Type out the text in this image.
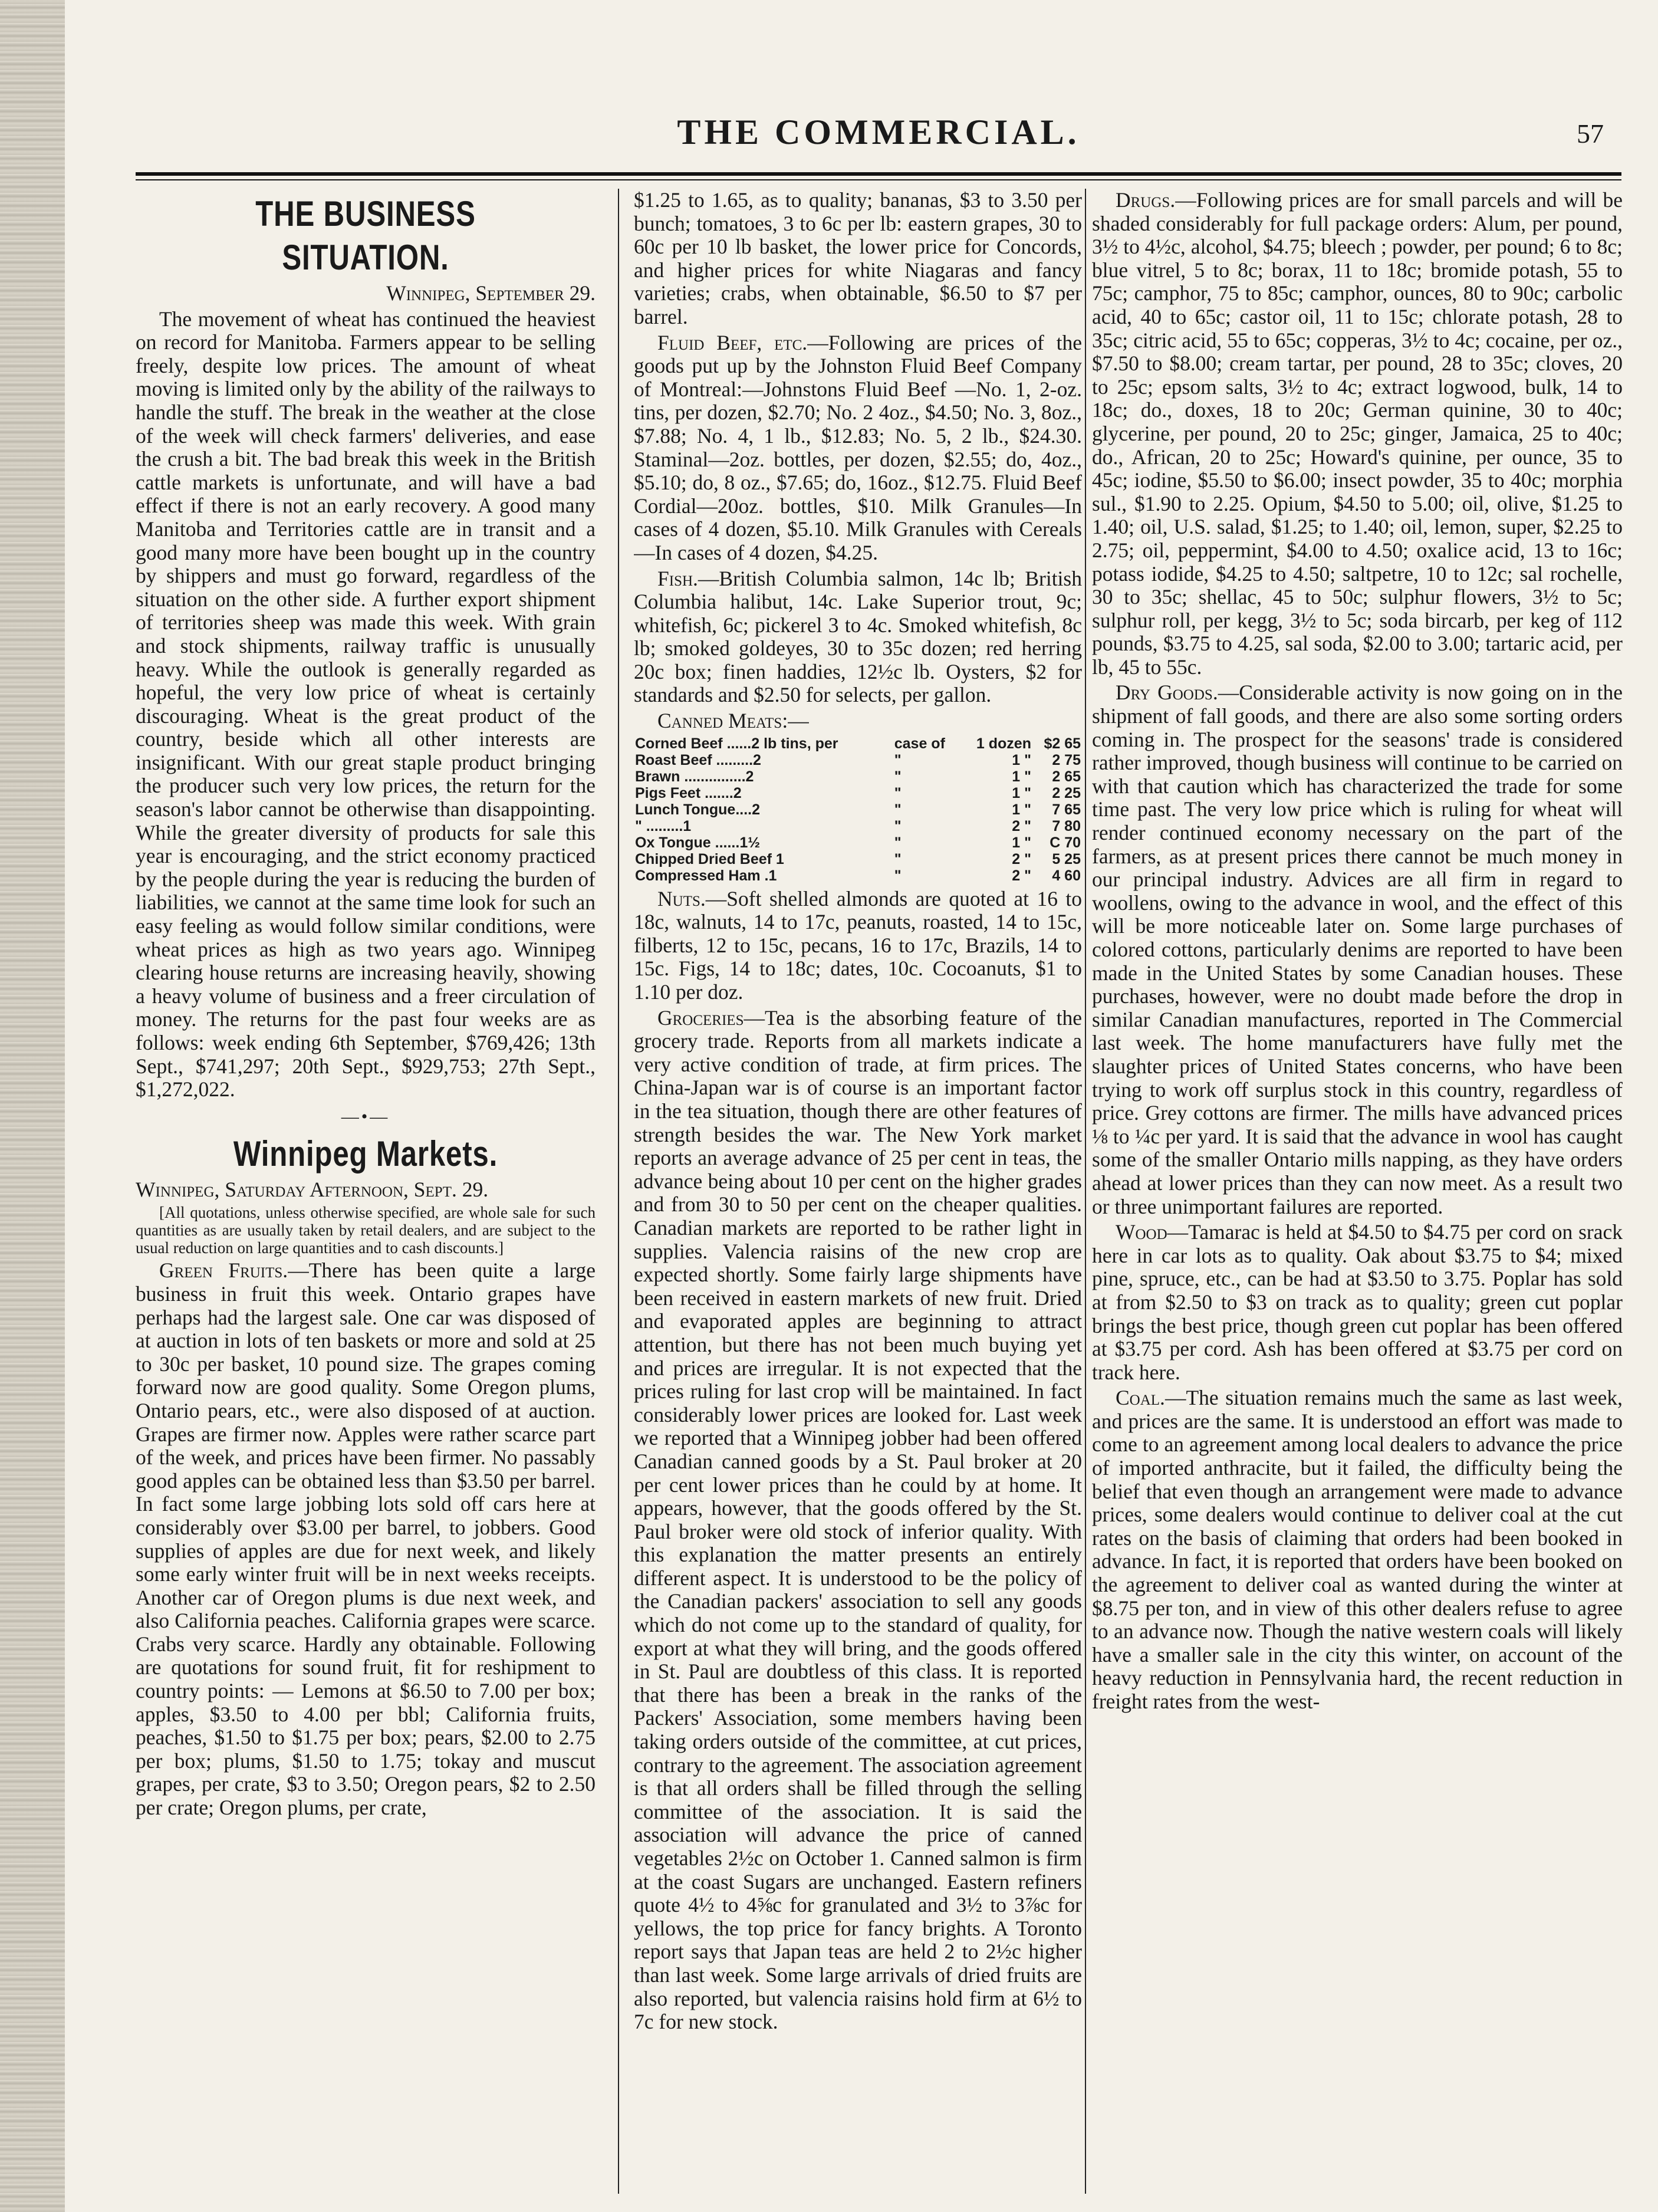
THE COMMERCIAL.	57
THE BUSINESS SITUATION.

Winnipeg, September 29.

The movement of wheat has continued the heaviest on record for Manitoba. Farmers appear to be selling freely, despite low prices. The amount of wheat moving is limited only by the ability of the railways to handle the stuff. The break in the weather at the close of the week will check farmers' deliveries, and ease the crush a bit. The bad break this week in the British cattle markets is unfortunate, and will have a bad effect if there is not an early recovery. A good many Manitoba and Territories cattle are in transit and a good many more have been bought up in the country by shippers and must go forward, regardless of the situation on the other side. A further export shipment of territories sheep was made this week. With grain and stock shipments, railway traffic is unusually heavy. While the outlook is generally regarded as hopeful, the very low price of wheat is certainly discouraging. Wheat is the great product of the country, beside which all other interests are insignificant. With our great staple product bringing the producer such very low prices, the return for the season's labor cannot be otherwise than disappointing. While the greater diversity of products for sale this year is encouraging, and the strict economy practiced by the people during the year is reducing the burden of liabilities, we cannot at the same time look for such an easy feeling as would follow similar conditions, were wheat prices as high as two years ago. Winnipeg clearing house returns are increasing heavily, showing a heavy volume of business and a freer circulation of money. The returns for the past four weeks are as follows: week ending 6th September, $769,426; 13th Sept., $741,297; 20th Sept., $929,753; 27th Sept., $1,272,022.

—•—
Winnipeg Markets.

Winnipeg, Saturday Afternoon, Sept. 29.

[All quotations, unless otherwise specified, are whole sale for such quantities as are usually taken by retail dealers, and are subject to the usual reduction on large quantities and to cash discounts.]

Green Fruits.—There has been quite a large business in fruit this week. Ontario grapes have perhaps had the largest sale. One car was disposed of at auction in lots of ten baskets or more and sold at 25 to 30c per basket, 10 pound size. The grapes coming forward now are good quality. Some Oregon plums, Ontario pears, etc., were also disposed of at auction. Grapes are firmer now. Apples were rather scarce part of the week, and prices have been firmer. No passably good apples can be obtained less than $3.50 per barrel. In fact some large jobbing lots sold off cars here at considerably over $3.00 per barrel, to jobbers. Good supplies of apples are due for next week, and likely some early winter fruit will be in next weeks receipts. Another car of Oregon plums is due next week, and also California peaches. California grapes were scarce. Crabs very scarce. Hardly any obtainable. Following are quotations for sound fruit, fit for reshipment to country points: — Lemons at $6.50 to 7.00 per box; apples, $3.50 to 4.00 per bbl; California fruits, peaches, $1.50 to $1.75 per box; pears, $2.00 to 2.75 per box; plums, $1.50 to 1.75; tokay and muscut grapes, per crate, $3 to 3.50; Oregon pears, $2 to 2.50 per crate; Oregon plums, per crate,

$1.25 to 1.65, as to quality; bananas, $3 to 3.50 per bunch; tomatoes, 3 to 6c per lb: eastern grapes, 30 to 60c per 10 lb basket, the lower price for Concords, and higher prices for white Niagaras and fancy varieties; crabs, when obtainable, $6.50 to $7 per barrel.

Fluid Beef, etc.—Following are prices of the goods put up by the Johnston Fluid Beef Company of Montreal:—Johnstons Fluid Beef —No. 1, 2-oz. tins, per dozen, $2.70; No. 2 4oz., $4.50; No. 3, 8oz., $7.88; No. 4, 1 lb., $12.83; No. 5, 2 lb., $24.30. Staminal—2oz. bottles, per dozen, $2.55; do, 4oz., $5.10; do, 8 oz., $7.65; do, 16oz., $12.75. Fluid Beef Cordial—20oz. bottles, $10. Milk Granules—In cases of 4 dozen, $5.10. Milk Granules with Cereals—In cases of 4 dozen, $4.25.

Fish.—British Columbia salmon, 14c lb; British Columbia halibut, 14c. Lake Superior trout, 9c; whitefish, 6c; pickerel 3 to 4c. Smoked whitefish, 8c lb; smoked goldeyes, 30 to 35c dozen; red herring 20c box; finen haddies, 12½c lb. Oysters, $2 for standards and $2.50 for selects, per gallon.

Canned Meats:—

Corned Beef ......2 lb tins, per	case of	1 dozen	$2 65
Roast Beef .........2	"	1 "	2 75
Brawn ...............2	"	1 "	2 65
Pigs Feet .......2	"	1 "	2 25
Lunch Tongue....2	"	1 "	7 65
" .........1	"	2 "	7 80
Ox Tongue ......1½	"	1 "	C 70
Chipped Dried Beef 1	"	2 "	5 25
Compressed Ham .1	"	2 "	4 60

Nuts.—Soft shelled almonds are quoted at 16 to 18c, walnuts, 14 to 17c, peanuts, roasted, 14 to 15c, filberts, 12 to 15c, pecans, 16 to 17c, Brazils, 14 to 15c. Figs, 14 to 18c; dates, 10c. Cocoanuts, $1 to 1.10 per doz.

Groceries—Tea is the absorbing feature of the grocery trade. Reports from all markets indicate a very active condition of trade, at firm prices. The China-Japan war is of course is an important factor in the tea situation, though there are other features of strength besides the war. The New York market reports an average advance of 25 per cent in teas, the advance being about 10 per cent on the higher grades and from 30 to 50 per cent on the cheaper qualities. Canadian markets are reported to be rather light in supplies. Valencia raisins of the new crop are expected shortly. Some fairly large shipments have been received in eastern markets of new fruit. Dried and evaporated apples are beginning to attract attention, but there has not been much buying yet and prices are irregular. It is not expected that the prices ruling for last crop will be maintained. In fact considerably lower prices are looked for. Last week we reported that a Winnipeg jobber had been offered Canadian canned goods by a St. Paul broker at 20 per cent lower prices than he could by at home. It appears, however, that the goods offered by the St. Paul broker were old stock of inferior quality. With this explanation the matter presents an entirely different aspect. It is understood to be the policy of the Canadian packers' association to sell any goods which do not come up to the standard of quality, for export at what they will bring, and the goods offered in St. Paul are doubtless of this class. It is reported that there has been a break in the ranks of the Packers' Association, some members having been taking orders outside of the committee, at cut prices, contrary to the agreement. The association agreement is that all orders shall be filled through the selling committee of the association. It is said the association will advance the price of canned vegetables 2½c on October 1. Canned salmon is firm at the coast Sugars are unchanged. Eastern refiners quote 4½ to 4⅝c for granulated and 3½ to 3⅞c for yellows, the top price for fancy brights. A Toronto report says that Japan teas are held 2 to 2½c higher than last week. Some large arrivals of dried fruits are also reported, but valencia raisins hold firm at 6½ to 7c for new stock.

Drugs.—Following prices are for small parcels and will be shaded considerably for full package orders: Alum, per pound, 3½ to 4½c, alcohol, $4.75; bleech ; powder, per pound; 6 to 8c; blue vitrel, 5 to 8c; borax, 11 to 18c; bromide potash, 55 to 75c; camphor, 75 to 85c; camphor, ounces, 80 to 90c; carbolic acid, 40 to 65c; castor oil, 11 to 15c; chlorate potash, 28 to 35c; citric acid, 55 to 65c; copperas, 3½ to 4c; cocaine, per oz., $7.50 to $8.00; cream tartar, per pound, 28 to 35c; cloves, 20 to 25c; epsom salts, 3½ to 4c; extract logwood, bulk, 14 to 18c; do., doxes, 18 to 20c; German quinine, 30 to 40c; glycerine, per pound, 20 to 25c; ginger, Jamaica, 25 to 40c; do., African, 20 to 25c; Howard's quinine, per ounce, 35 to 45c; iodine, $5.50 to $6.00; insect powder, 35 to 40c; morphia sul., $1.90 to 2.25. Opium, $4.50 to 5.00; oil, olive, $1.25 to 1.40; oil, U.S. salad, $1.25; to 1.40; oil, lemon, super, $2.25 to 2.75; oil, peppermint, $4.00 to 4.50; oxalice acid, 13 to 16c; potass iodide, $4.25 to 4.50; saltpetre, 10 to 12c; sal rochelle, 30 to 35c; shellac, 45 to 50c; sulphur flowers, 3½ to 5c; sulphur roll, per kegg, 3½ to 5c; soda bircarb, per keg of 112 pounds, $3.75 to 4.25, sal soda, $2.00 to 3.00; tartaric acid, per lb, 45 to 55c.

Dry Goods.—Considerable activity is now going on in the shipment of fall goods, and there are also some sorting orders coming in. The prospect for the seasons' trade is considered rather improved, though business will continue to be carried on with that caution which has characterized the trade for some time past. The very low price which is ruling for wheat will render continued economy necessary on the part of the farmers, as at present prices there cannot be much money in our principal industry. Advices are all firm in regard to woollens, owing to the advance in wool, and the effect of this will be more noticeable later on. Some large purchases of colored cottons, particularly denims are reported to have been made in the United States by some Canadian houses. These purchases, however, were no doubt made before the drop in similar Canadian manufactures, reported in The Commercial last week. The home manufacturers have fully met the slaughter prices of United States concerns, who have been trying to work off surplus stock in this country, regardless of price. Grey cottons are firmer. The mills have advanced prices ⅛ to ¼c per yard. It is said that the advance in wool has caught some of the smaller Ontario mills napping, as they have orders ahead at lower prices than they can now meet. As a result two or three unimportant failures are reported.

Wood—Tamarac is held at $4.50 to $4.75 per cord on srack here in car lots as to quality. Oak about $3.75 to $4; mixed pine, spruce, etc., can be had at $3.50 to 3.75. Poplar has sold at from $2.50 to $3 on track as to quality; green cut poplar brings the best price, though green cut poplar has been offered at $3.75 per cord. Ash has been offered at $3.75 per cord on track here.

Coal.—The situation remains much the same as last week, and prices are the same. It is understood an effort was made to come to an agreement among local dealers to advance the price of imported anthracite, but it failed, the difficulty being the belief that even though an arrangement were made to advance prices, some dealers would continue to deliver coal at the cut rates on the basis of claiming that orders had been booked in advance. In fact, it is reported that orders have been booked on the agreement to deliver coal as wanted during the winter at $8.75 per ton, and in view of this other dealers refuse to agree to an advance now. Though the native western coals will likely have a smaller sale in the city this winter, on account of the heavy reduction in Pennsylvania hard, the recent reduction in freight rates from the west-
